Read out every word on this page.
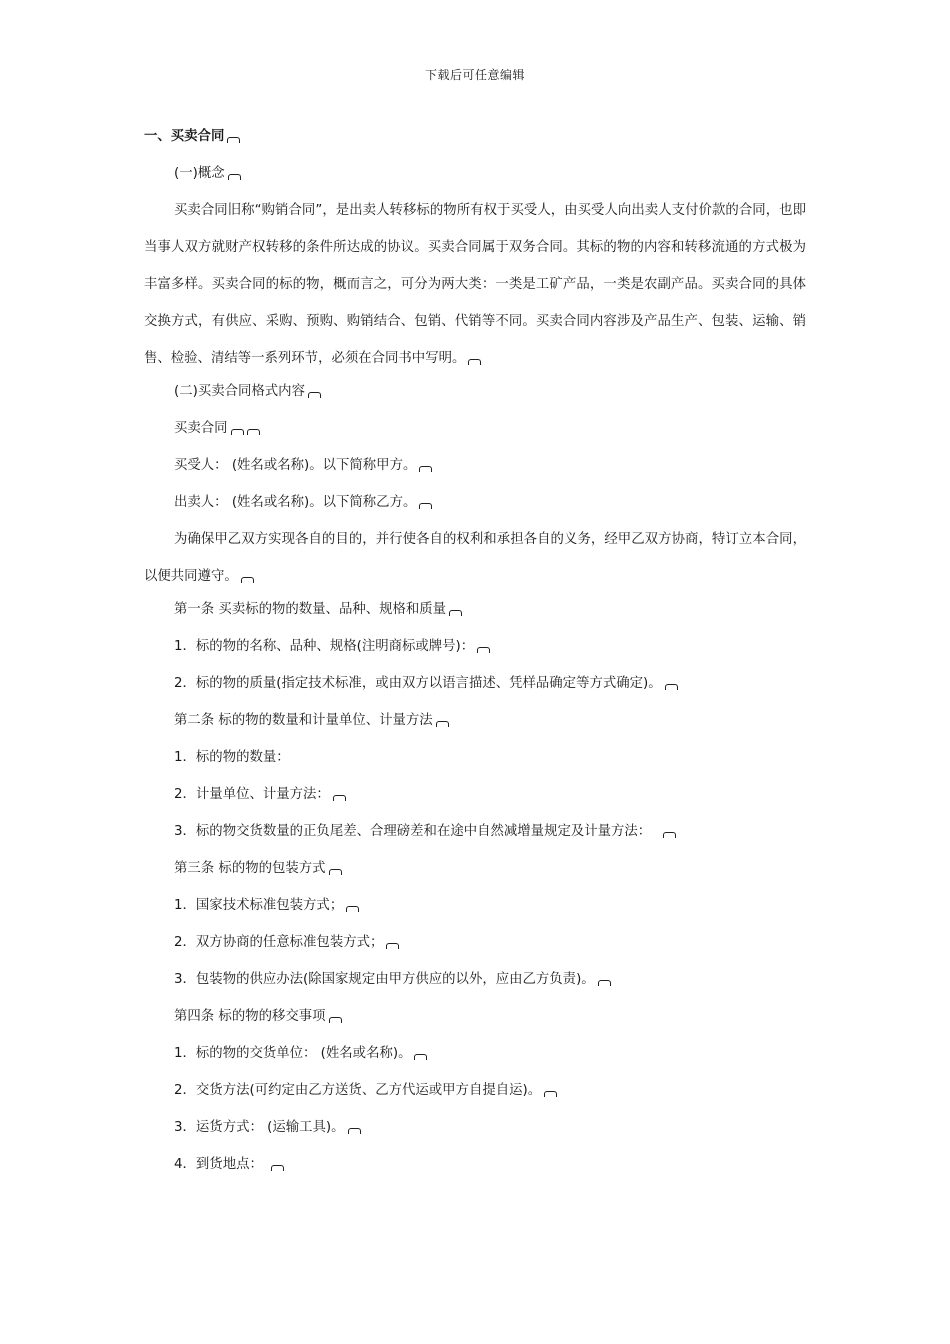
下载后可任意编辑
一、买卖合同
(一)概念

买卖合同旧称“购销合同”，是出卖人转移标的物所有权于买受人，由买受人向出卖人支付价款的合同，也即当事人双方就财产权转移的条件所达成的协议。买卖合同属于双务合同。其标的物的内容和转移流通的方式极为丰富多样。买卖合同的标的物，概而言之，可分为两大类：一类是工矿产品，一类是农副产品。买卖合同的具体交换方式，有供应、采购、预购、购销结合、包销、代销等不同。买卖合同内容涉及产品生产、包装、运输、销售、检验、清结等一系列环节，必须在合同书中写明。

(二)买卖合同格式内容
买卖合同
买受人： (姓名或名称)。以下简称甲方。
出卖人： (姓名或名称)。以下简称乙方。

为确保甲乙双方实现各自的目的，并行使各自的权利和承担各自的义务，经甲乙双方协商，特订立本合同，以便共同遵守。

第一条 买卖标的物的数量、品种、规格和质量
1．标的物的名称、品种、规格(注明商标或牌号)：
2．标的物的质量(指定技术标准，或由双方以语言描述、凭样品确定等方式确定)。
第二条 标的物的数量和计量单位、计量方法
1．标的物的数量：
2．计量单位、计量方法：
3．标的物交货数量的正负尾差、合理磅差和在途中自然减增量规定及计量方法：
第三条 标的物的包装方式
1．国家技术标准包装方式；
2．双方协商的任意标准包装方式；
3．包装物的供应办法(除国家规定由甲方供应的以外，应由乙方负责)。
第四条 标的物的移交事项
1．标的物的交货单位： (姓名或名称)。
2．交货方法(可约定由乙方送货、乙方代运或甲方自提自运)。
3．运货方式： (运输工具)。
4．到货地点：
